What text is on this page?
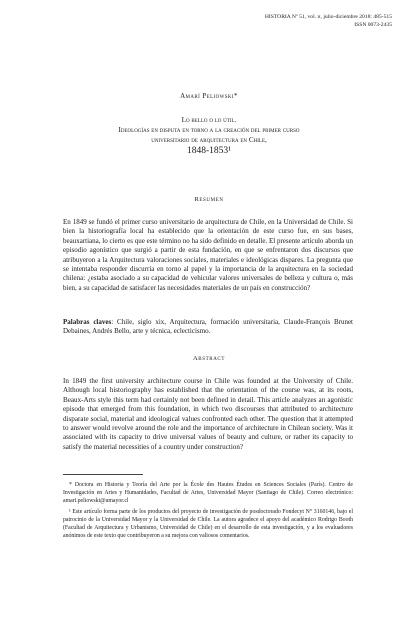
HISTORIA Nº 51, vol. ɪɪ, julio-diciembre 2018: 485-515
ISSN 0073-2435
Amarí Peliowski*
Lo bello o lo útil.
Ideologías en disputa en torno a la creación del primer curso
universitario de arquitectura en Chile,
1848-1853¹
Resumen
En 1849 se fundó el primer curso universitario de arquitectura de Chile, en la Universidad de Chile. Si bien la historiografía local ha establecido que la orientación de este curso fue, en sus bases, beauxartiana, lo cierto es que este término no ha sido definido en detalle. El presente artículo aborda un episodio agonístico que surgió a partir de esta fundación, en que se enfrentaron dos discursos que atribuyeron a la Arquitectura valoraciones sociales, materiales e ideológicas dispares. La pregunta que se intentaba responder discurría en torno al papel y la importancia de la arquitectura en la sociedad chilena: ¿estaba asociado a su capacidad de vehicular valores universales de belleza y cultura o, más bien, a su capacidad de satisfacer las necesidades materiales de un país en construcción?
Palabras claves: Chile, siglo xix, Arquitectura, formación universitaria, Claude-François Brunet Debaines, Andrés Bello, arte y técnica, eclecticismo.
Abstract
In 1849 the first university architecture course in Chile was founded at the University of Chile. Although local historiography has established that the orientation of the course was, at its roots, Beaux-Arts style this term had certainly not been defined in detail. This article analyzes an agonistic episode that emerged from this foundation, in which two discourses that attributed to architecture disparate social, material and ideological values confronted each other. The question that it attempted to answer would revolve around the role and the importance of architecture in Chilean society. Was it associated with its capacity to drive universal values of beauty and culture, or rather its capacity to satisfy the material necessities of a country under construction?

* Doctora en Historia y Teoría del Arte por la École des Hautes Études en Sciences Sociales (París). Centro de Investigación en Artes y Humanidades, Facultad de Artes, Universidad Mayor (Santiago de Chile). Correo electrónico: amari.peliowski@umayor.cl

¹ Este artículo forma parte de los productos del proyecto de investigación de posdoctorado Fondecyt N° 3160146, bajo el patrocinio de la Universidad Mayor y la Universidad de Chile. La autora agradece el apoyo del académico Rodrigo Booth (Facultad de Arquitectura y Urbanismo, Universidad de Chile) en el desarrollo de esta investigación, y a los evaluadores anónimos de este texto que contribuyeron a su mejora con valiosos comentarios.
